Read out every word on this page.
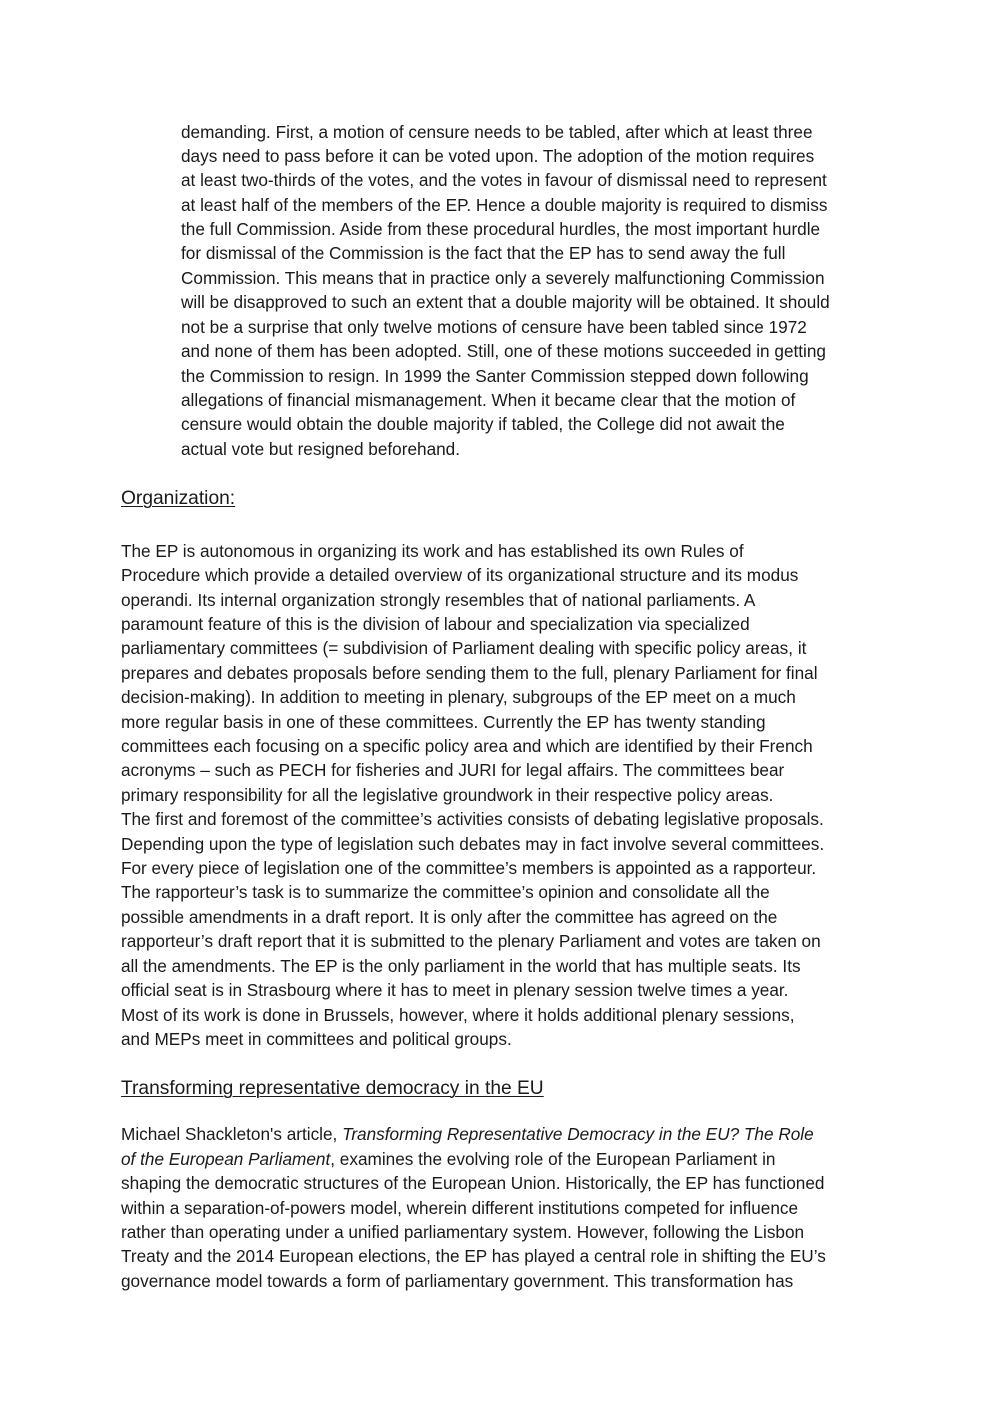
demanding. First, a motion of censure needs to be tabled, after which at least three
days need to pass before it can be voted upon. The adoption of the motion requires
at least two-thirds of the votes, and the votes in favour of dismissal need to represent
at least half of the members of the EP. Hence a double majority is required to dismiss
the full Commission. Aside from these procedural hurdles, the most important hurdle
for dismissal of the Commission is the fact that the EP has to send away the full
Commission. This means that in practice only a severely malfunctioning Commission
will be disapproved to such an extent that a double majority will be obtained. It should
not be a surprise that only twelve motions of censure have been tabled since 1972
and none of them has been adopted. Still, one of these motions succeeded in getting
the Commission to resign. In 1999 the Santer Commission stepped down following
allegations of financial mismanagement. When it became clear that the motion of
censure would obtain the double majority if tabled, the College did not await the
actual vote but resigned beforehand.
Organization:
The EP is autonomous in organizing its work and has established its own Rules of
Procedure which provide a detailed overview of its organizational structure and its modus
operandi. Its internal organization strongly resembles that of national parliaments. A
paramount feature of this is the division of labour and specialization via specialized
parliamentary committees (= subdivision of Parliament dealing with specific policy areas, it
prepares and debates proposals before sending them to the full, plenary Parliament for final
decision-making). In addition to meeting in plenary, subgroups of the EP meet on a much
more regular basis in one of these committees. Currently the EP has twenty standing
committees each focusing on a specific policy area and which are identified by their French
acronyms – such as PECH for fisheries and JURI for legal affairs. The committees bear
primary responsibility for all the legislative groundwork in their respective policy areas.
The first and foremost of the committee’s activities consists of debating legislative proposals.
Depending upon the type of legislation such debates may in fact involve several committees.
For every piece of legislation one of the committee’s members is appointed as a rapporteur.
The rapporteur’s task is to summarize the committee’s opinion and consolidate all the
possible amendments in a draft report. It is only after the committee has agreed on the
rapporteur’s draft report that it is submitted to the plenary Parliament and votes are taken on
all the amendments. The EP is the only parliament in the world that has multiple seats. Its
official seat is in Strasbourg where it has to meet in plenary session twelve times a year.
Most of its work is done in Brussels, however, where it holds additional plenary sessions,
and MEPs meet in committees and political groups.
Transforming representative democracy in the EU
Michael Shackleton's article, Transforming Representative Democracy in the EU? The Role
of the European Parliament, examines the evolving role of the European Parliament in
shaping the democratic structures of the European Union. Historically, the EP has functioned
within a separation-of-powers model, wherein different institutions competed for influence
rather than operating under a unified parliamentary system. However, following the Lisbon
Treaty and the 2014 European elections, the EP has played a central role in shifting the EU’s
governance model towards a form of parliamentary government. This transformation has
